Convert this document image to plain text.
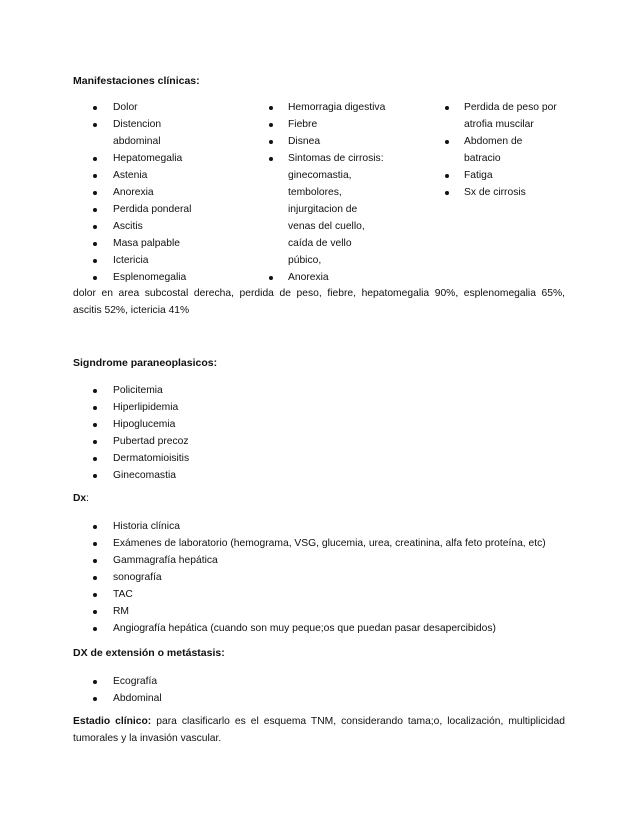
Manifestaciones clínicas:
Dolor
Distencion
abdominal
Hepatomegalia
Astenia
Anorexia
Perdida ponderal
Ascitis
Masa palpable
Ictericia
Esplenomegalia
Hemorragia digestiva
Fiebre
Disnea
Sintomas de cirrosis:
ginecomastia,
tembolores,
injurgitacion de
venas del cuello,
caída de vello
púbico,
Anorexia
Perdida de peso por
atrofia muscilar
Abdomen de
batracio
Fatiga
Sx de cirrosis
dolor en area subcostal derecha, perdida de peso, fiebre, hepatomegalia 90%, esplenomegalia 65%,
ascitis 52%, ictericia 41%
Signdrome paraneoplasicos:
Policitemia
Hiperlipidemia
Hipoglucemia
Pubertad precoz
Dermatomioisitis
Ginecomastia
Dx:
Historia clínica
Exámenes de laboratorio (hemograma, VSG, glucemia, urea, creatinina, alfa feto proteína, etc)
Gammagrafía hepática
sonografía
TAC
RM
Angiografía hepática (cuando son muy peque;os que puedan pasar desapercibidos)
DX de extensión o metástasis:
Ecografía
Abdominal
Estadio clínico: para clasificarlo es el esquema TNM, considerando tama;o, localización, multiplicidad
tumorales y la invasión vascular.
